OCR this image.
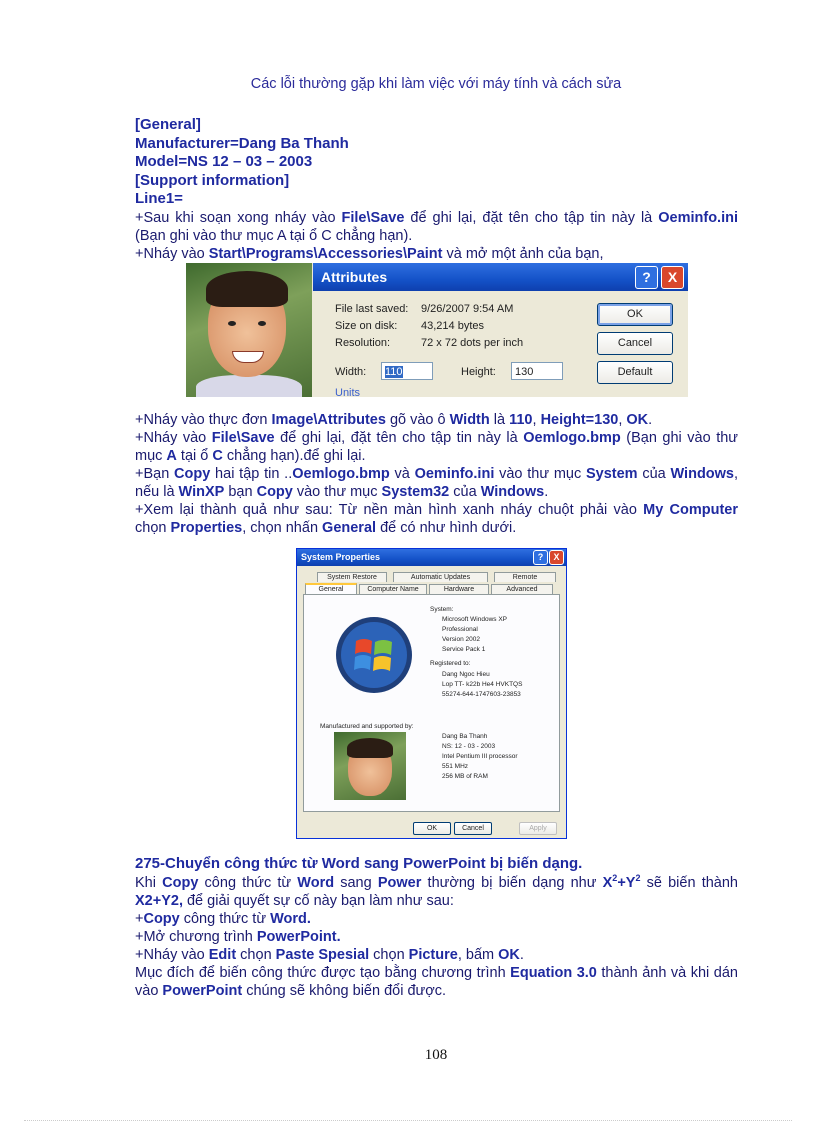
Các lỗi thường gặp khi làm việc với máy tính và cách sửa

[General]

Manufacturer=Dang Ba Thanh

Model=NS 12 – 03 – 2003

[Support information]

Line1=

+Sau khi soạn xong nháy vào File\Save để ghi lại, đặt tên cho tập tin này là Oeminfo.ini (Bạn ghi vào thư mục A tại ổ C chẳng hạn).

+Nháy vào Start\Programs\Accessories\Paint và mở một ảnh của bạn,

Attributes	?	X
File last saved: 9/26/2007 9:54 AM
Size on disk: 43,214 bytes
Resolution:	72 x 72 dots per inch
Width:	110	Height:	130
Units
OK
Cancel
Default

+Nháy vào thực đơn Image\Attributes gõ vào ô Width là 110, Height=130, OK.

+Nháy vào File\Save để ghi lại, đặt tên cho tập tin này là Oemlogo.bmp (Bạn ghi vào thư mục A tại ổ C chẳng hạn).để ghi lại.

+Bạn Copy hai tập tin ..Oemlogo.bmp và Oeminfo.ini vào thư mục System của Windows, nếu là WinXP bạn Copy vào thư mục System32 của Windows.

+Xem lại thành quả như sau: Từ nền màn hình xanh nháy chuột phải vào My Computer chọn Properties, chọn nhấn General để có như hình dưới.

System Properties	?	X
System Restore	Automatic Updates	Remote
General	Computer Name	Hardware	Advanced
System:
Microsoft Windows XP
Professional
Version 2002
Service Pack 1
Registered to:
Dang Ngoc Hieu
Lop TT- k22b He4 HVKTQS
55274-644-1747603-23853
Manufactured and supported by:
Dang Ba Thanh
NS: 12 - 03 - 2003
Intel Pentium III processor
551 MHz
256 MB of RAM
OK	Cancel	Apply

275-Chuyển công thức từ Word sang PowerPoint bị biến dạng.

Khi Copy công thức từ Word sang Power thường bị biến dạng như $X^2+Y^2$ sẽ biến thành X2+Y2, để giải quyết sự cố này bạn làm như sau:

+Copy công thức từ Word.

+Mở chương trình PowerPoint.

+Nháy vào Edit chọn Paste Spesial chọn Picture, bấm OK.

Mục đích để biến công thức được tạo bằng chương trình Equation 3.0 thành ảnh và khi dán vào PowerPoint chúng sẽ không biến đổi được.

108
